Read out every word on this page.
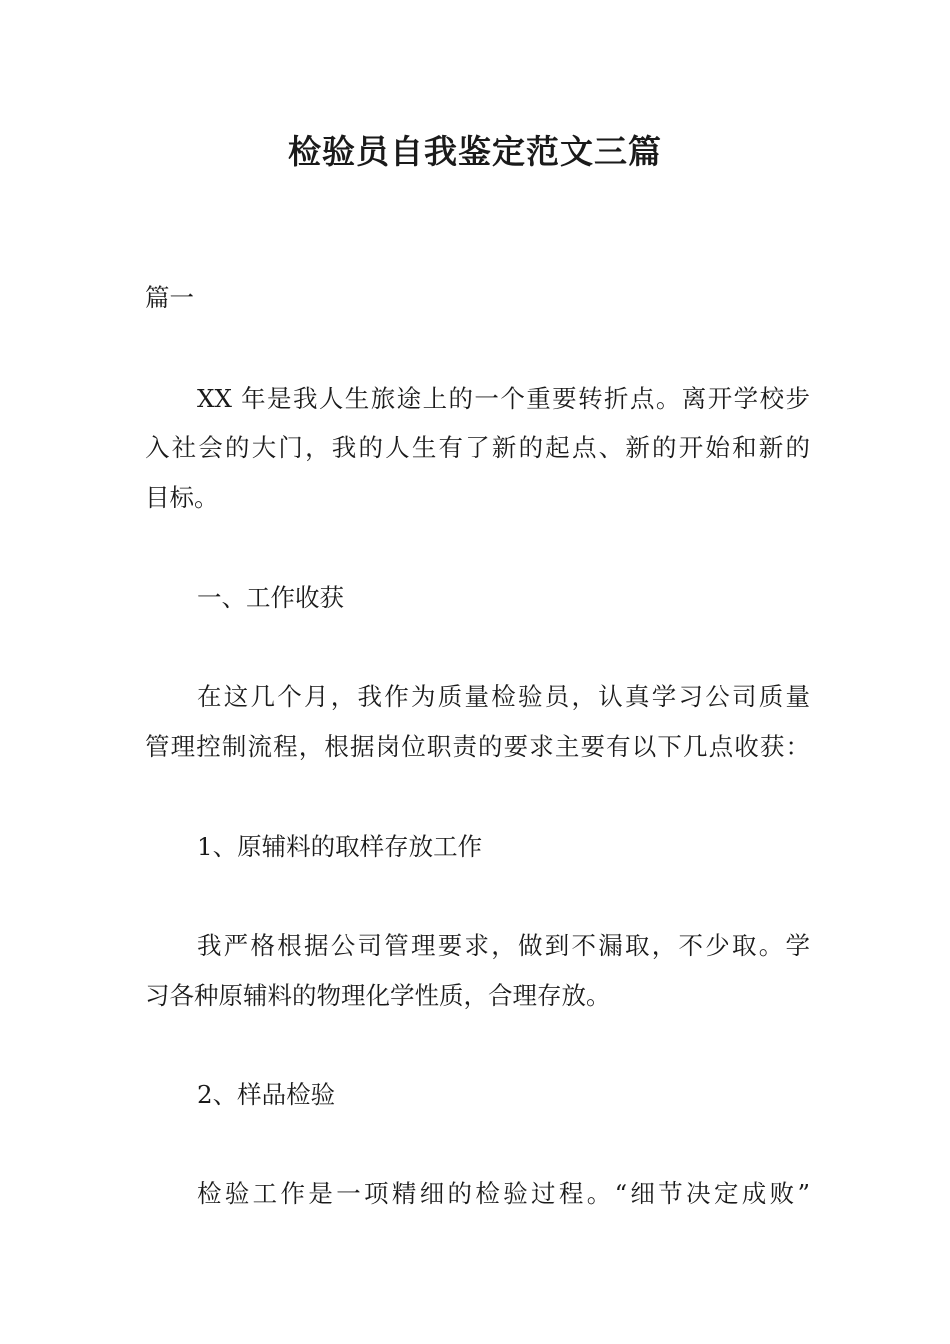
检验员自我鉴定范文三篇

篇一

XX 年是我人生旅途上的一个重要转折点。离开学校步

入社会的大门，我的人生有了新的起点、新的开始和新的

目标。

一、工作收获

在这几个月，我作为质量检验员，认真学习公司质量

管理控制流程，根据岗位职责的要求主要有以下几点收获：

1、原辅料的取样存放工作

我严格根据公司管理要求，做到不漏取，不少取。学

习各种原辅料的物理化学性质，合理存放。

2、样品检验

检验工作是一项精细的检验过程。“细节决定成败”
